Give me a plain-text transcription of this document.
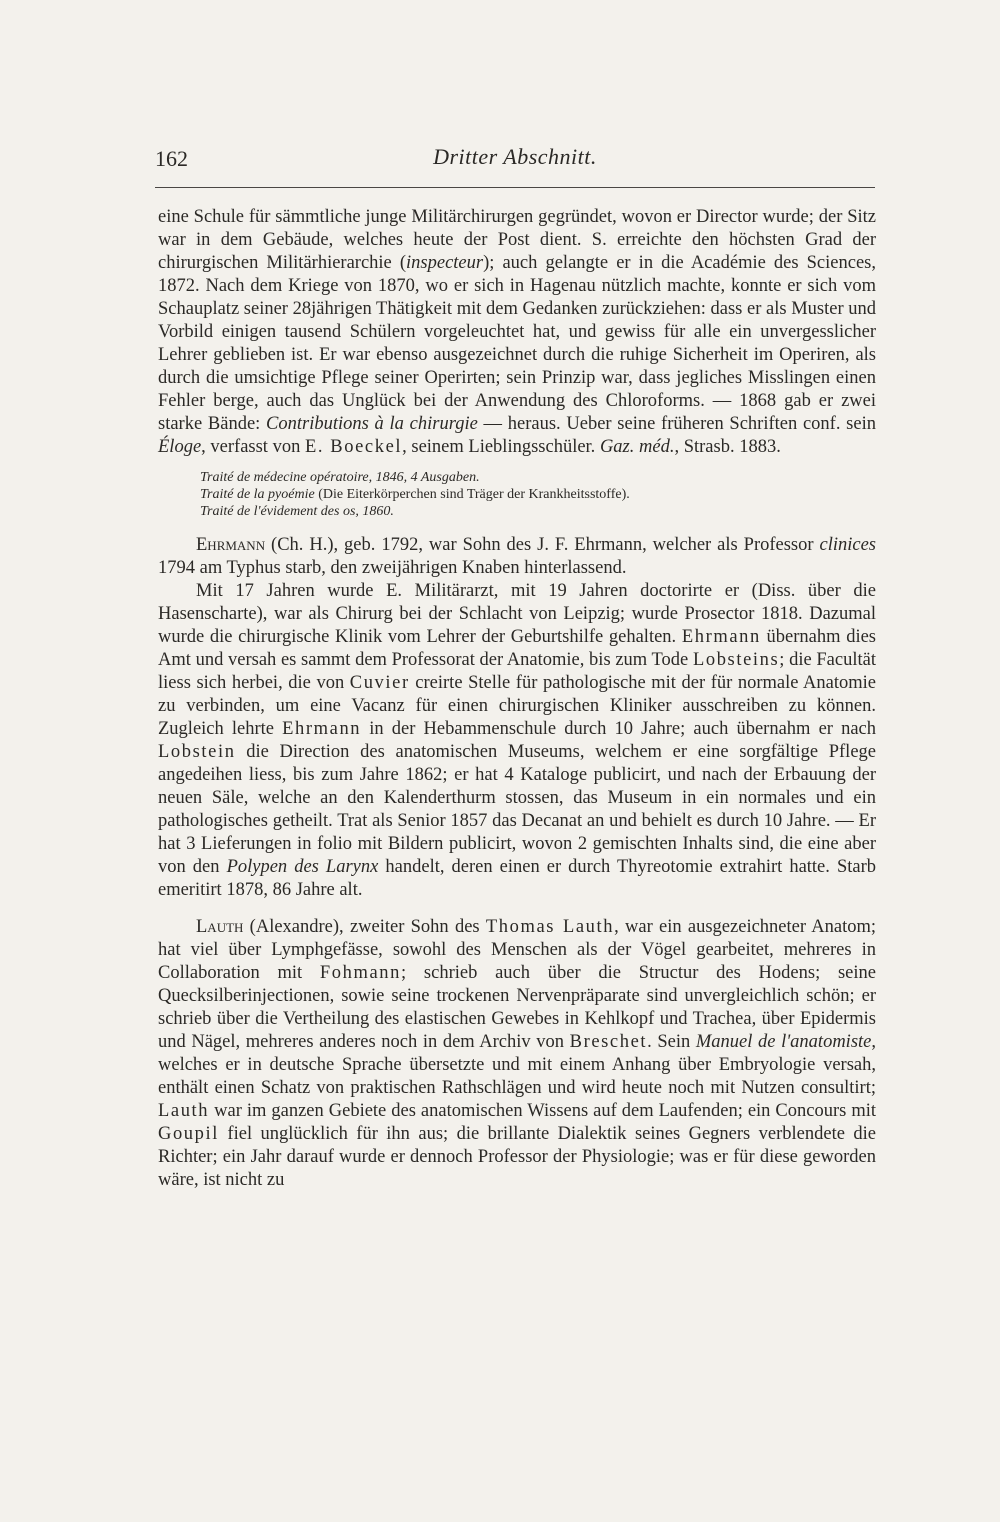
162	Dritter Abschnitt.

eine Schule für sämmtliche junge Militärchirurgen gegründet, wovon er Director wurde; der Sitz war in dem Gebäude, welches heute der Post dient. S. erreichte den höchsten Grad der chirurgischen Militärhierarchie (inspecteur); auch gelangte er in die Académie des Sciences, 1872. Nach dem Kriege von 1870, wo er sich in Hagenau nützlich machte, konnte er sich vom Schauplatz seiner 28jährigen Thätigkeit mit dem Gedanken zurückziehen: dass er als Muster und Vorbild einigen tausend Schülern vorgeleuchtet hat, und gewiss für alle ein unvergesslicher Lehrer geblieben ist. Er war ebenso ausgezeichnet durch die ruhige Sicherheit im Operiren, als durch die umsichtige Pflege seiner Operirten; sein Prinzip war, dass jegliches Misslingen einen Fehler berge, auch das Unglück bei der Anwendung des Chloroforms. — 1868 gab er zwei starke Bände: Contributions à la chirurgie — heraus. Ueber seine früheren Schriften conf. sein Éloge, verfasst von E. Boeckel, seinem Lieblingsschüler. Gaz. méd., Strasb. 1883.

Traité de médecine opératoire, 1846, 4 Ausgaben.
Traité de la pyoémie (Die Eiterkörperchen sind Träger der Krankheitsstoffe).
Traité de l'évidement des os, 1860.

Ehrmann (Ch. H.), geb. 1792, war Sohn des J. F. Ehrmann, welcher als Professor clinices 1794 am Typhus starb, den zweijährigen Knaben hinterlassend.

Mit 17 Jahren wurde E. Militärarzt, mit 19 Jahren doctorirte er (Diss. über die Hasenscharte), war als Chirurg bei der Schlacht von Leipzig; wurde Prosector 1818. Dazumal wurde die chirurgische Klinik vom Lehrer der Geburtshilfe gehalten. Ehrmann übernahm dies Amt und versah es sammt dem Professorat der Anatomie, bis zum Tode Lobsteins; die Facultät liess sich herbei, die von Cuvier creirte Stelle für pathologische mit der für normale Anatomie zu verbinden, um eine Vacanz für einen chirurgischen Kliniker ausschreiben zu können. Zugleich lehrte Ehrmann in der Hebammenschule durch 10 Jahre; auch übernahm er nach Lobstein die Direction des anatomischen Museums, welchem er eine sorgfältige Pflege angedeihen liess, bis zum Jahre 1862; er hat 4 Kataloge publicirt, und nach der Erbauung der neuen Säle, welche an den Kalenderthurm stossen, das Museum in ein normales und ein pathologisches getheilt. Trat als Senior 1857 das Decanat an und behielt es durch 10 Jahre. — Er hat 3 Lieferungen in folio mit Bildern publicirt, wovon 2 gemischten Inhalts sind, die eine aber von den Polypen des Larynx handelt, deren einen er durch Thyreotomie extrahirt hatte. Starb emeritirt 1878, 86 Jahre alt.

Lauth (Alexandre), zweiter Sohn des Thomas Lauth, war ein ausgezeichneter Anatom; hat viel über Lymphgefässe, sowohl des Menschen als der Vögel gearbeitet, mehreres in Collaboration mit Fohmann; schrieb auch über die Structur des Hodens; seine Quecksilberinjectionen, sowie seine trockenen Nervenpräparate sind unvergleichlich schön; er schrieb über die Vertheilung des elastischen Gewebes in Kehlkopf und Trachea, über Epidermis und Nägel, mehreres anderes noch in dem Archiv von Breschet. Sein Manuel de l'anatomiste, welches er in deutsche Sprache übersetzte und mit einem Anhang über Embryologie versah, enthält einen Schatz von praktischen Rathschlägen und wird heute noch mit Nutzen consultirt; Lauth war im ganzen Gebiete des anatomischen Wissens auf dem Laufenden; ein Concours mit Goupil fiel unglücklich für ihn aus; die brillante Dialektik seines Gegners verblendete die Richter; ein Jahr darauf wurde er dennoch Professor der Physiologie; was er für diese geworden wäre, ist nicht zu
